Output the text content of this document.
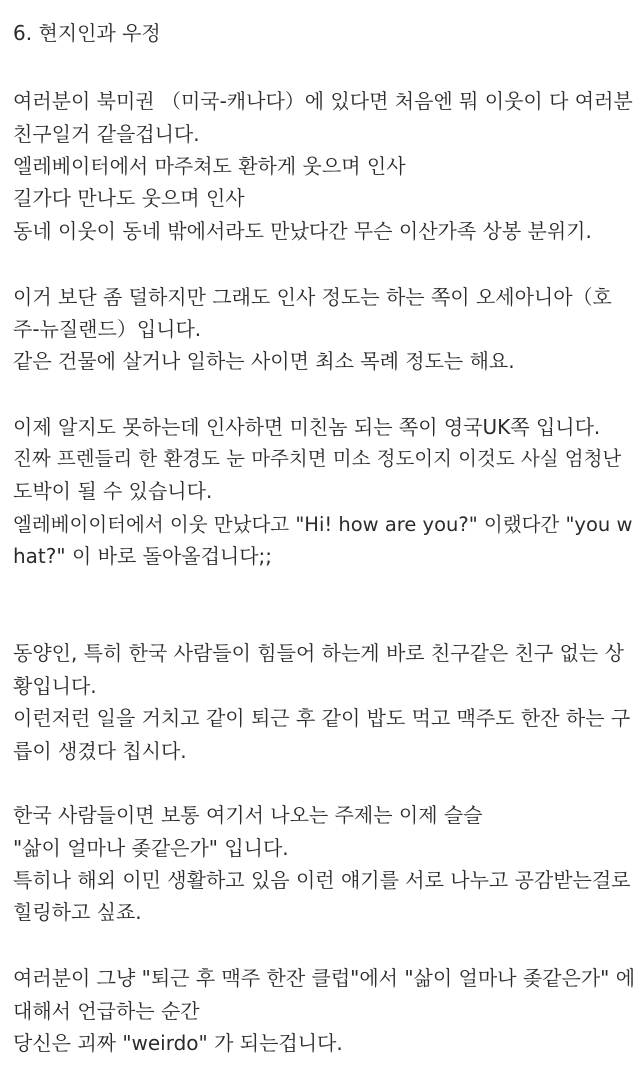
6. 현지인과 우정
여러분이 북미권 （미국-캐나다）에 있다면 처음엔 뭐 이웃이 다 여러분
친구일거 같을겁니다.
엘레베이터에서 마주쳐도 환하게 웃으며 인사
길가다 만나도 웃으며 인사
동네 이웃이 동네 밖에서라도 만났다간 무슨 이산가족 상봉 분위기.
이거 보단 좀 덜하지만 그래도 인사 정도는 하는 쪽이 오세아니아（호
주-뉴질랜드）입니다.
같은 건물에 살거나 일하는 사이면 최소 목례 정도는 해요.
이제 알지도 못하는데 인사하면 미친놈 되는 쪽이 영국UK쪽 입니다.
진짜 프렌들리 한 환경도 눈 마주치면 미소 정도이지 이것도 사실 엄청난
도박이 될 수 있습니다.
엘레베이이터에서 이웃 만났다고 "Hi! how are you?" 이랬다간 "you w
hat?" 이 바로 돌아올겁니다;;
동양인, 특히 한국 사람들이 힘들어 하는게 바로 친구같은 친구 없는 상
황입니다.
이런저런 일을 거치고 같이 퇴근 후 같이 밥도 먹고 맥주도 한잔 하는 구
릅이 생겼다 칩시다.
한국 사람들이면 보통 여기서 나오는 주제는 이제 슬슬
"삶이 얼마나 좆같은가" 입니다.
특히나 해외 이민 생활하고 있음 이런 얘기를 서로 나누고 공감받는걸로
힐링하고 싶죠.
여러분이 그냥 "퇴근 후 맥주 한잔 클럽"에서 "삶이 얼마나 좆같은가" 에
대해서 언급하는 순간
당신은 괴짜 "weirdo" 가 되는겁니다.
